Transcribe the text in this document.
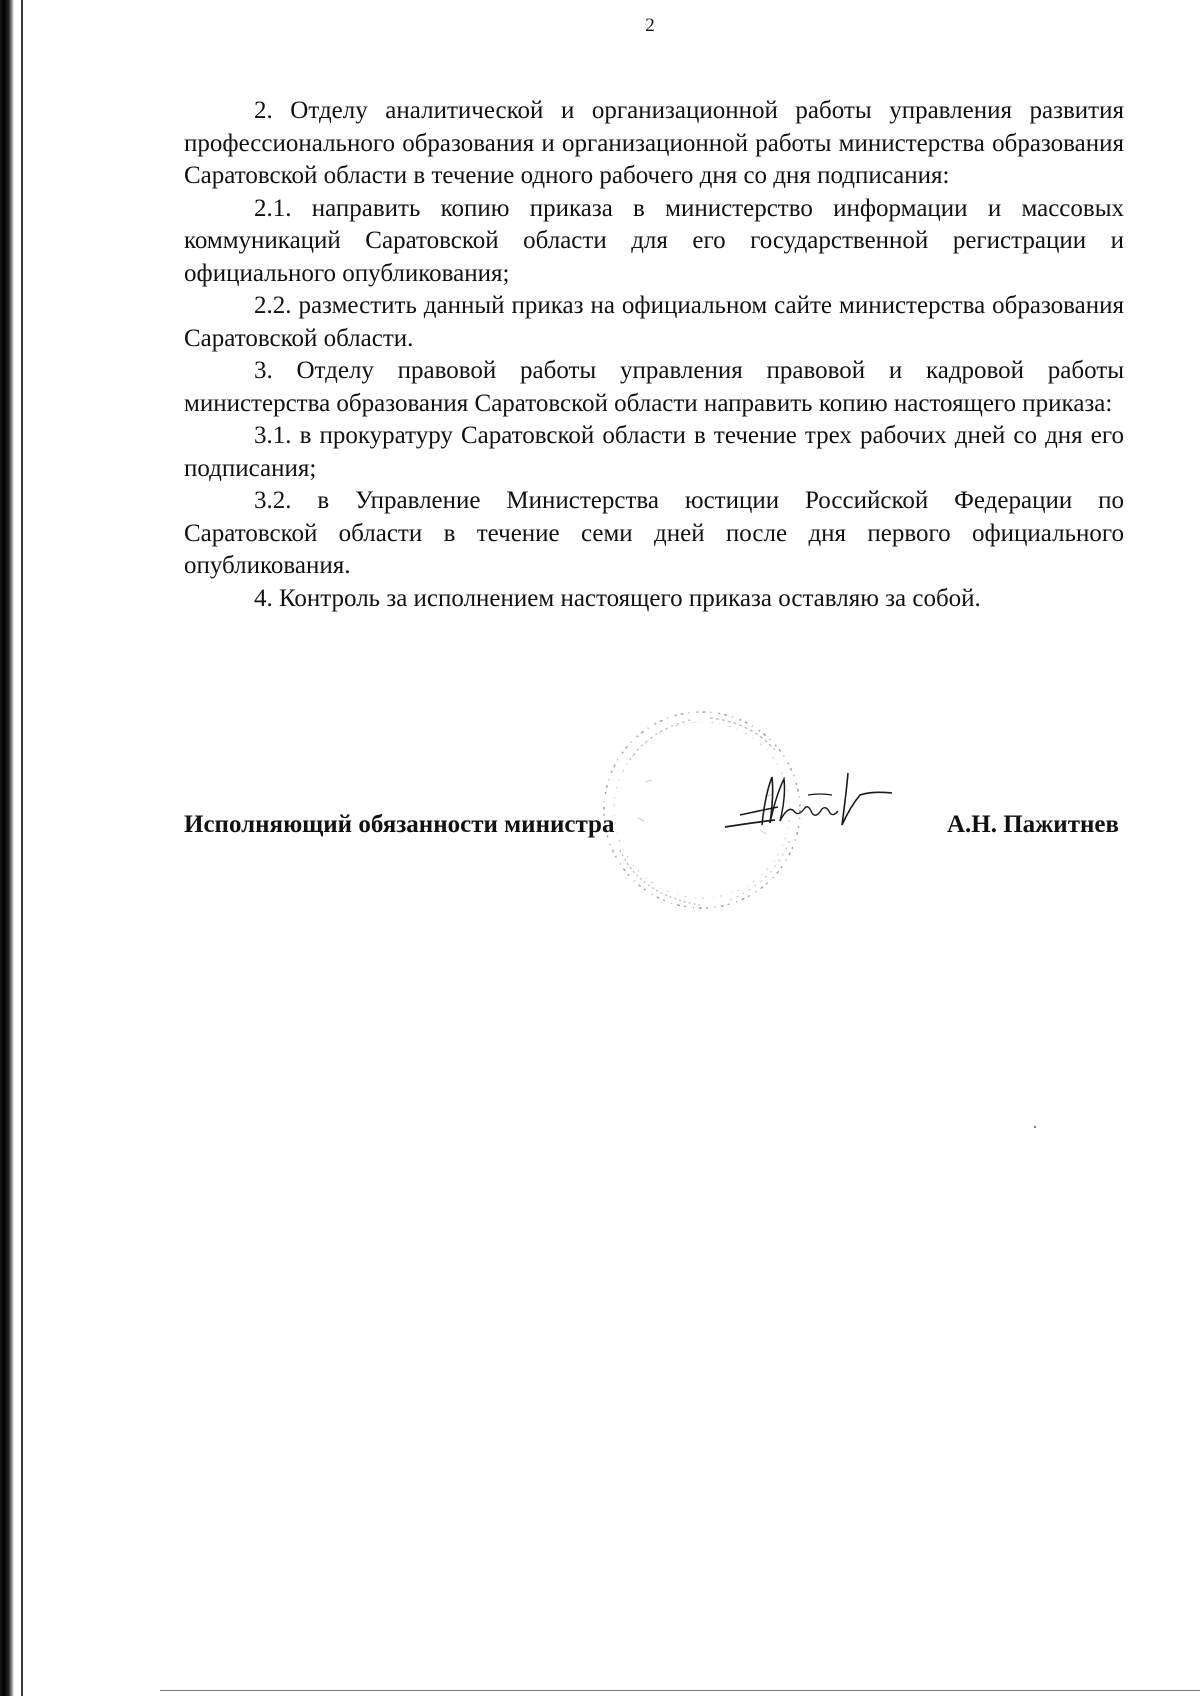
2

2. Отделу аналитической и организационной работы управления развития профессионального образования и организационной работы министерства образования Саратовской области в течение одного рабочего дня со дня подписания:

2.1. направить копию приказа в министерство информации и массовых коммуникаций Саратовской области для его государственной регистрации и официального опубликования;

2.2. разместить данный приказ на официальном сайте министерства образования Саратовской области.

3. Отделу правовой работы управления правовой и кадровой работы министерства образования Саратовской области направить копию настоящего приказа:

3.1. в прокуратуру Саратовской области в течение трех рабочих дней со дня его подписания;

3.2. в Управление Министерства юстиции Российской Федерации по Саратовской области в течение семи дней после дня первого официального опубликования.

4. Контроль за исполнением настоящего приказа оставляю за собой.

Исполняющий обязанности министра	А.Н. Пажитнев
